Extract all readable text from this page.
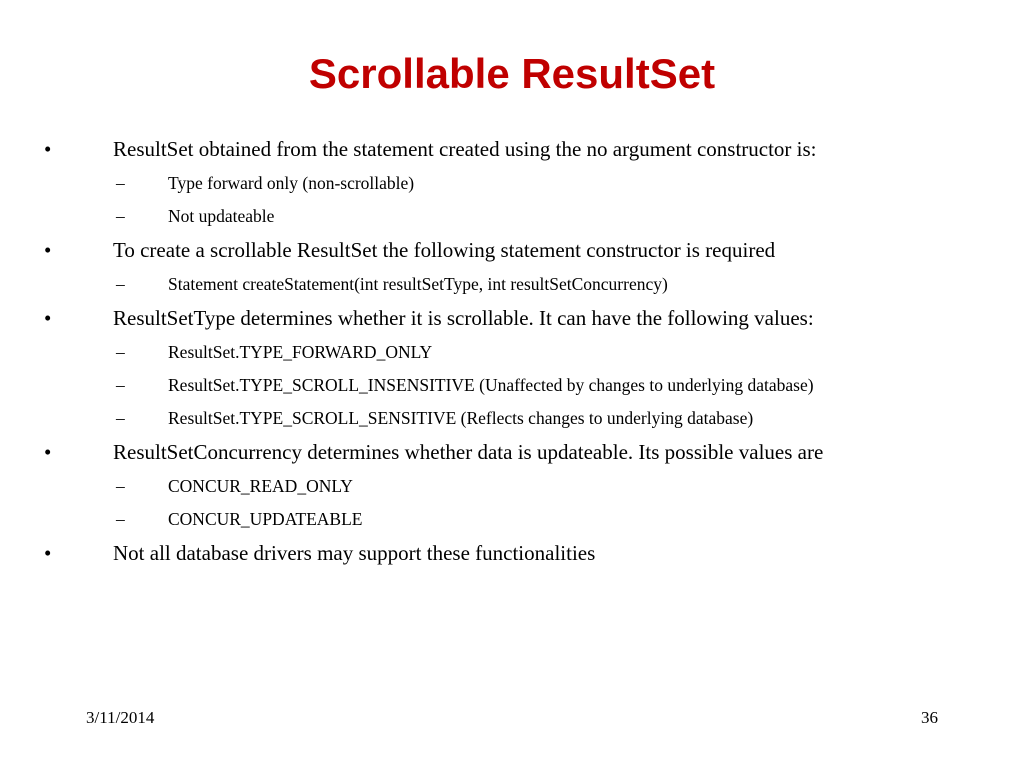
Scrollable ResultSet
•	ResultSet obtained from the statement created using the no argument constructor is:
– Type forward only (non-scrollable)
– Not updateable
•	To create a scrollable ResultSet the following statement constructor is required
– Statement createStatement(int resultSetType, int resultSetConcurrency)
•	ResultSetType determines whether it is scrollable. It can have the following values:
– ResultSet.TYPE_FORWARD_ONLY
– ResultSet.TYPE_SCROLL_INSENSITIVE (Unaffected by changes to underlying database)
– ResultSet.TYPE_SCROLL_SENSITIVE (Reflects changes to underlying database)
•	ResultSetConcurrency determines whether data is updateable. Its possible values are
– CONCUR_READ_ONLY
– CONCUR_UPDATEABLE
•	Not all database drivers may support these functionalities
3/11/2014	36
